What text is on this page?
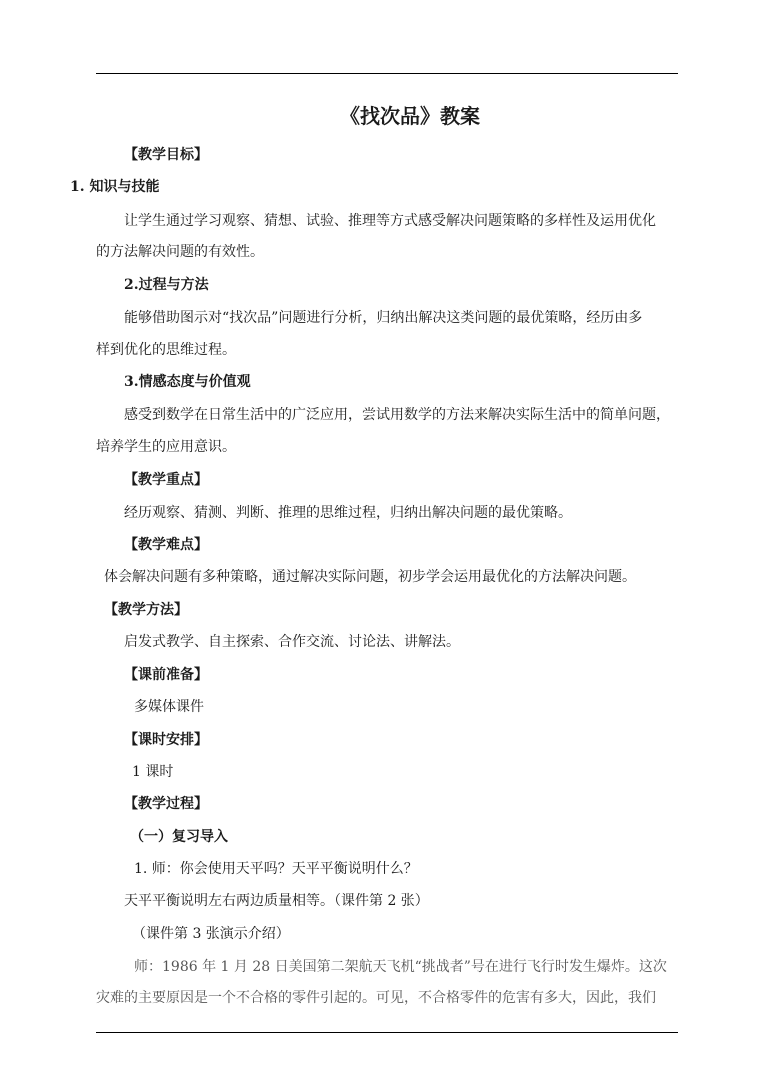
《找次品》教案
【教学目标】
1. 知识与技能
让学生通过学习观察、猜想、试验、推理等方式感受解决问题策略的多样性及运用优化
的方法解决问题的有效性。
2.过程与方法
能够借助图示对“找次品”问题进行分析，归纳出解决这类问题的最优策略，经历由多
样到优化的思维过程。
3.情感态度与价值观
感受到数学在日常生活中的广泛应用，尝试用数学的方法来解决实际生活中的简单问题，
培养学生的应用意识。
【教学重点】
经历观察、猜测、判断、推理的思维过程，归纳出解决问题的最优策略。
【教学难点】
体会解决问题有多种策略，通过解决实际问题，初步学会运用最优化的方法解决问题。
【教学方法】
启发式教学、自主探索、合作交流、讨论法、讲解法。
【课前准备】
多媒体课件
【课时安排】
1 课时
【教学过程】
（一）复习导入
1. 师：你会使用天平吗？天平平衡说明什么？
天平平衡说明左右两边质量相等。（课件第 2 张）
（课件第 3 张演示介绍）
师：1986 年 1 月 28 日美国第二架航天飞机“挑战者”号在进行飞行时发生爆炸。这次
灾难的主要原因是一个不合格的零件引起的。可见，不合格零件的危害有多大，因此，我们
